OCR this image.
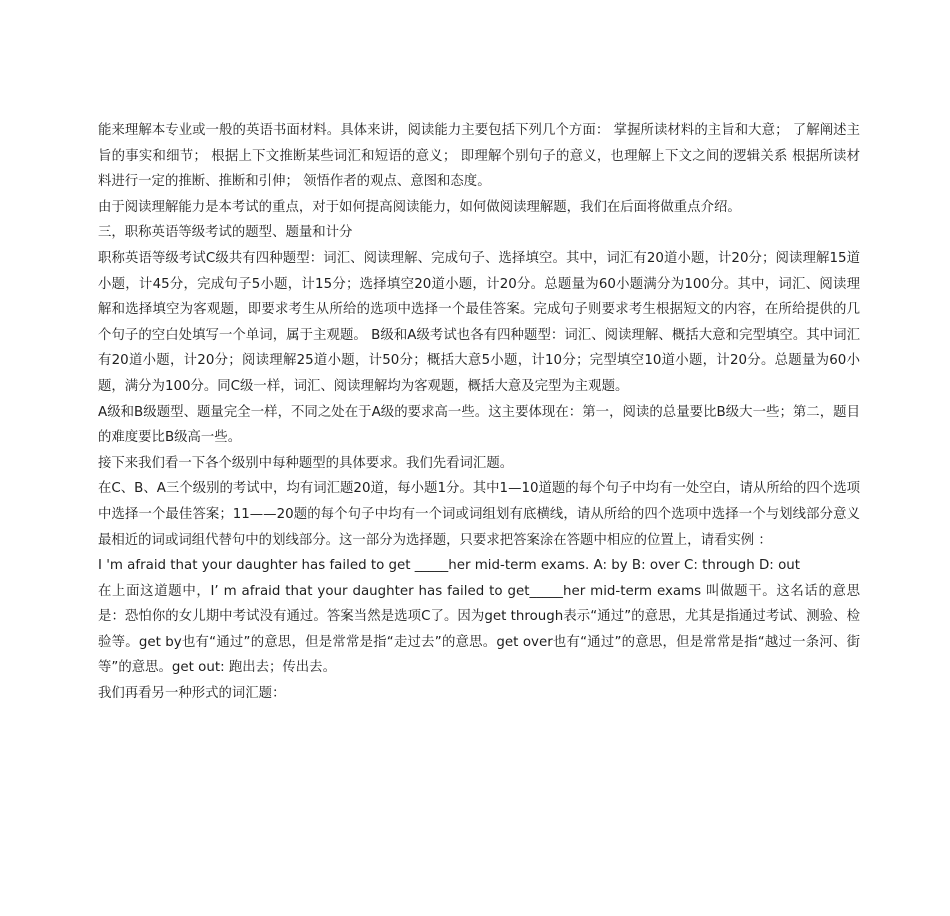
能来理解本专业或一般的英语书面材料。具体来讲，阅读能力主要包括下列几个方面： 掌握所读材料的主旨和大意； 了解阐述主旨的事实和细节； 根据上下文推断某些词汇和短语的意义； 即理解个别句子的意义，也理解上下文之间的逻辑关系 根据所读材料进行一定的推断、推断和引伸； 领悟作者的观点、意图和态度。

由于阅读理解能力是本考试的重点，对于如何提高阅读能力，如何做阅读理解题，我们在后面将做重点介绍。

三，职称英语等级考试的题型、题量和计分

职称英语等级考试C级共有四种题型：词汇、阅读理解、完成句子、选择填空。其中，词汇有20道小题，计20分；阅读理解15道小题，计45分，完成句子5小题，计15分；选择填空20道小题，计20分。总题量为60小题满分为100分。其中，词汇、阅读理解和选择填空为客观题，即要求考生从所给的选项中选择一个最佳答案。完成句子则要求考生根据短文的内容，在所给提供的几个句子的空白处填写一个单词，属于主观题。 B级和A级考试也各有四种题型：词汇、阅读理解、概括大意和完型填空。其中词汇有20道小题，计20分；阅读理解25道小题，计50分；概括大意5小题，计10分；完型填空10道小题，计20分。总题量为60小题，满分为100分。同C级一样，词汇、阅读理解均为客观题，概括大意及完型为主观题。

A级和B级题型、题量完全一样，不同之处在于A级的要求高一些。这主要体现在：第一，阅读的总量要比B级大一些；第二，题目的难度要比B级高一些。

接下来我们看一下各个级别中每种题型的具体要求。我们先看词汇题。

在C、B、A三个级别的考试中，均有词汇题20道，每小题1分。其中1—10道题的每个句子中均有一处空白，请从所给的四个选项中选择一个最佳答案；11——20题的每个句子中均有一个词或词组划有底横线，请从所给的四个选项中选择一个与划线部分意义最相近的词或词组代替句中的划线部分。这一部分为选择题，只要求把答案涂在答题中相应的位置上，请看实例 ：

I 'm afraid that your daughter has failed to get _____her mid-term exams. A: by B: over C: through D: out

在上面这道题中，I’ m afraid that your daughter has failed to get_____her mid-term exams 叫做题干。这名话的意思是：恐怕你的女儿期中考试没有通过。答案当然是选项C了。因为get through表示“通过”的意思，尤其是指通过考试、测验、检验等。get by也有“通过”的意思，但是常常是指“走过去”的意思。get over也有“通过”的意思，但是常常是指“越过一条河、街等”的意思。get out: 跑出去；传出去。

我们再看另一种形式的词汇题：
